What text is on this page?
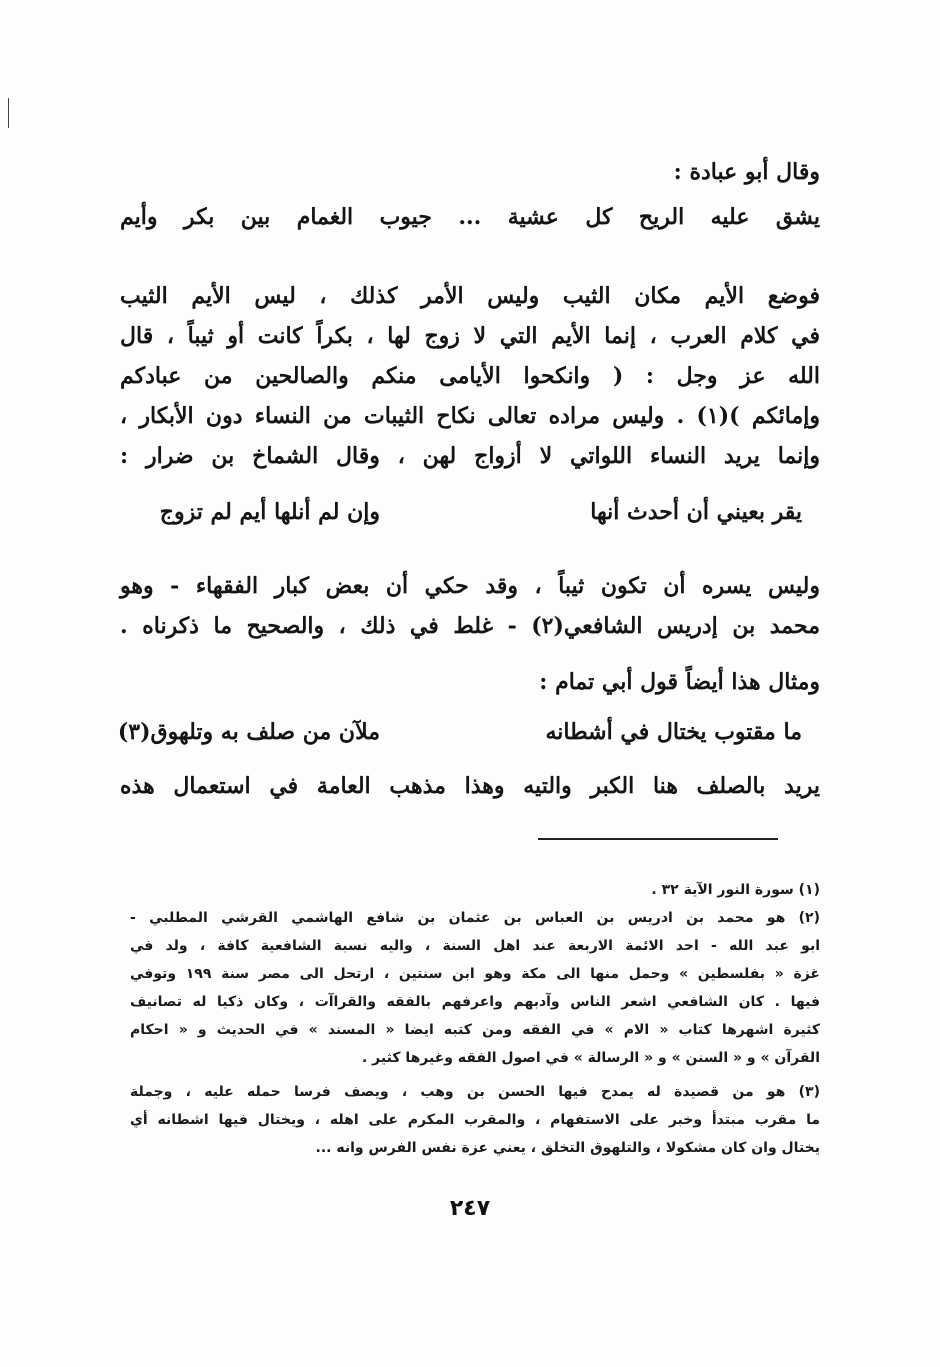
وقال أبو عبادة :
يشق عليه الريح كل عشية ... جيوب الغمام بين بكر وأيم
فوضع الأيم مكان الثيب وليس الأمر كذلك ، ليس الأيم الثيب
في كلام العرب ، إنما الأيم التي لا زوج لها ، بكراً كانت أو ثيباً ، قال
الله عز وجل : ( وانكحوا الأيامى منكم والصالحين من عبادكم
وإمائكم )(١) . وليس مراده تعالى نكاح الثيبات من النساء دون الأبكار ،
وإنما يريد النساء اللواتي لا أزواج لهن ، وقال الشماخ بن ضرار :
وإن لم أنلها أيم لم تزوج	يقر بعيني أن أحدث أنها
وليس يسره أن تكون ثيباً ، وقد حكي أن بعض كبار الفقهاء - وهو
محمد بن إدريس الشافعي(٢) - غلط في ذلك ، والصحيح ما ذكرناه .
ومثال هذا أيضاً قول أبي تمام :
ملآن من صلف به وتلهوق(٣)	ما مقتوب يختال في أشطانه
يريد بالصلف هنا الكبر والتيه وهذا مذهب العامة في استعمال هذه
(١) سورة النور الآية ٣٢ .
(٢) هو محمد بن ادريس بن العباس بن عثمان بن شافع الهاشمي القرشي المطلبي -
ابو عبد الله - احد الائمة الاربعة عند اهل السنة ، واليه نسبة الشافعية كافة ، ولد في
غزة « بفلسطين » وحمل منها الى مكة وهو ابن سنتين ، ارتحل الى مصر سنة ١٩٩ وتوفي
فيها . كان الشافعي اشعر الناس وآدبهم واعرفهم بالفقه والقراآت ، وكان ذكيا له تصانيف
كثيرة اشهرها كتاب « الام » في الفقه ومن كتبه ايضا « المسند » في الحديث و « احكام
القرآن » و « السنن » و « الرسالة » في اصول الفقه وغيرها كثير .
(٣) هو من قصيدة له يمدح فيها الحسن بن وهب ، ويصف فرسا حمله عليه ، وجملة
ما مقرب مبتدأ وخبر على الاستفهام ، والمقرب المكرم على اهله ، ويختال فيها اشطانه أي
يختال وان كان مشكولا ، والتلهوق التخلق ، يعني عزة نفس الفرس وانه ...
٢٤٧
